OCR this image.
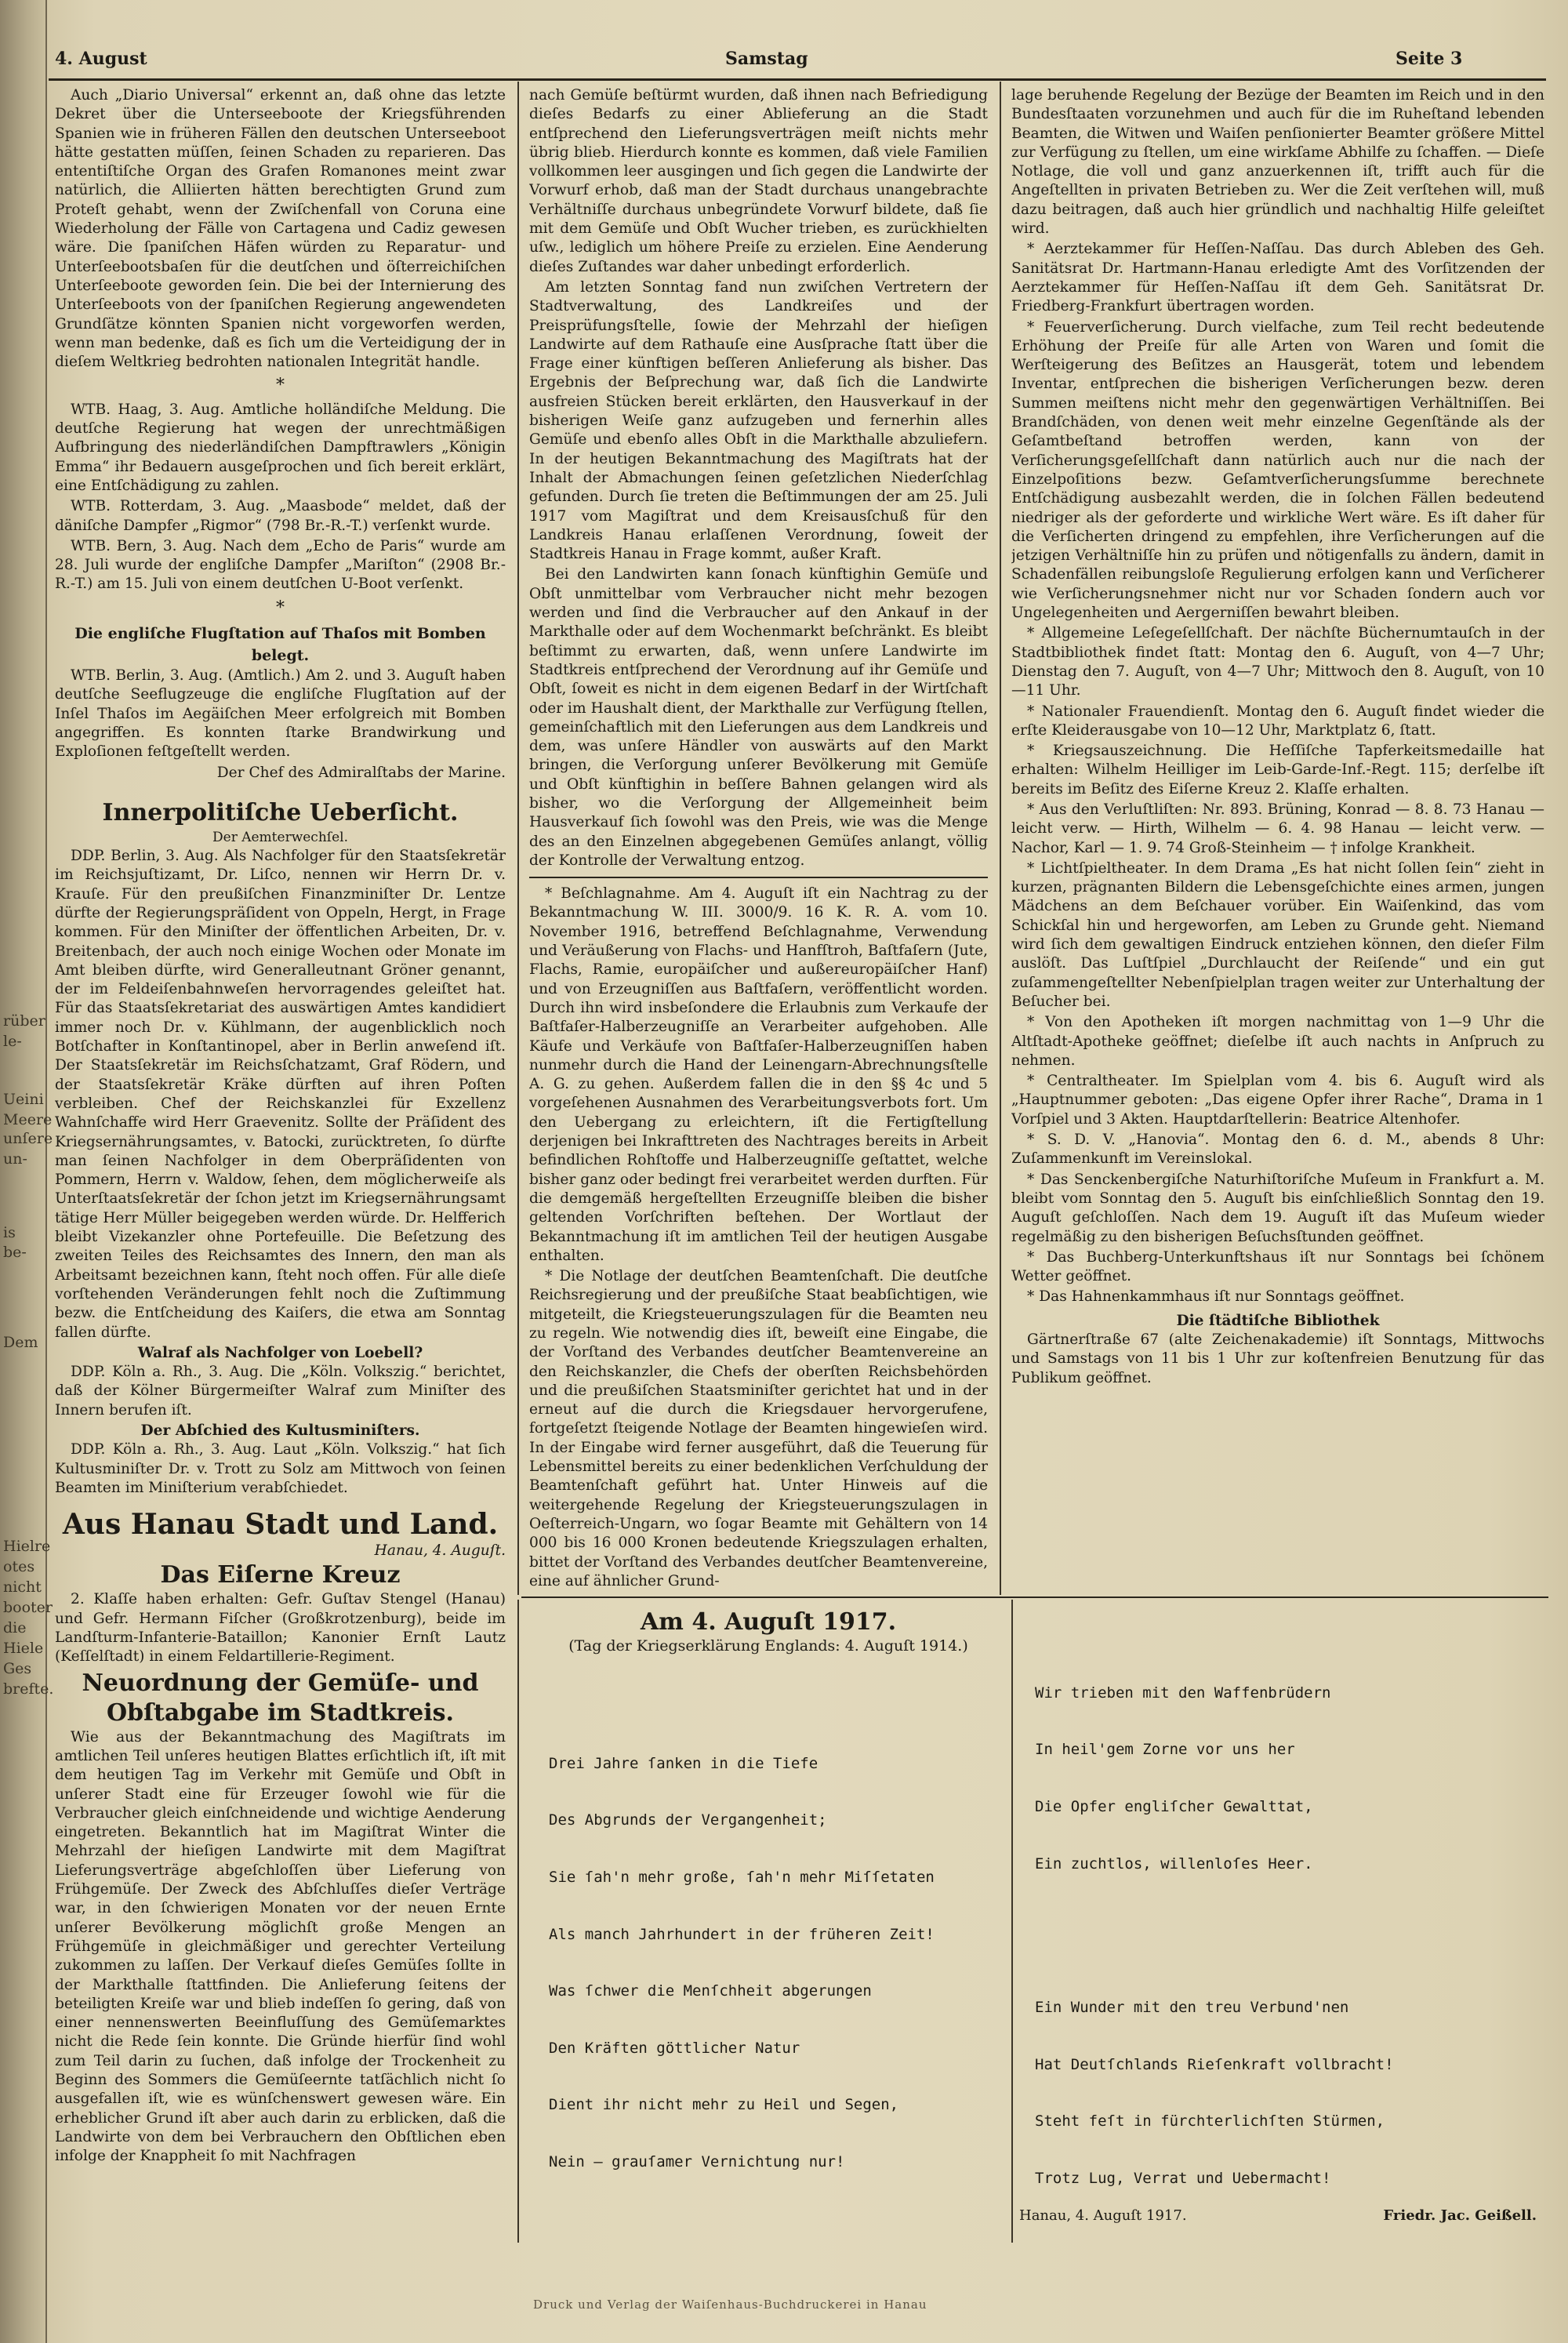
rüber
le-
Ueini
Meere
unſere
un-
is be-
Dem
Hielre
otes
nicht
booter
die
Hiele
Ges
brefte.
4. August	Samstag	Seite 3

Auch „Diario Universal“ erkennt an, daß ohne das letzte Dekret über die Unterseeboote der Kriegsführenden Spanien wie in früheren Fällen den deutschen Unterseeboot hätte gestatten müſſen, ſeinen Schaden zu reparieren. Das ententiſtiſche Organ des Grafen Romanones meint zwar natürlich, die Alliierten hätten berechtigten Grund zum Proteſt gehabt, wenn der Zwiſchenfall von Coruna eine Wiederholung der Fälle von Cartagena und Cadiz gewesen wäre. Die ſpaniſchen Häfen würden zu Reparatur- und Unterſeebootsbaſen für die deutſchen und öſterreichiſchen Unterſeeboote geworden ſein. Die bei der Internierung des Unterſeeboots von der ſpaniſchen Regierung angewendeten Grundſätze könnten Spanien nicht vorgeworfen werden, wenn man bedenke, daß es ſich um die Verteidigung der in dieſem Weltkrieg bedrohten nationalen Integrität handle.

*

WTB. Haag, 3. Aug. Amtliche holländiſche Meldung. Die deutſche Regierung hat wegen der unrechtmäßigen Aufbringung des niederländiſchen Dampftrawlers „Königin Emma“ ihr Bedauern ausgeſprochen und ſich bereit erklärt, eine Entſchädigung zu zahlen.

WTB. Rotterdam, 3. Aug. „Maasbode“ meldet, daß der däniſche Dampfer „Rigmor“ (798 Br.-R.-T.) verſenkt wurde.

WTB. Bern, 3. Aug. Nach dem „Echo de Paris“ wurde am 28. Juli wurde der engliſche Dampfer „Mariſton“ (2908 Br.-R.-T.) am 15. Juli von einem deutſchen U-Boot verſenkt.

*
Die engliſche Flugſtation auf Thaſos mit Bomben belegt.

WTB. Berlin, 3. Aug. (Amtlich.) Am 2. und 3. Auguſt haben deutſche Seeflugzeuge die engliſche Flugſtation auf der Inſel Thaſos im Aegäiſchen Meer erfolgreich mit Bomben angegriffen. Es konnten ſtarke Brandwirkung und Exploſionen feſtgeſtellt werden.

Der Chef des Admiralſtabs der Marine.
Innerpolitiſche Ueberſicht.
Der Aemterwechſel.

DDP. Berlin, 3. Aug. Als Nachfolger für den Staatsſekretär im Reichsjuſtizamt, Dr. Liſco, nennen wir Herrn Dr. v. Krauſe. Für den preußiſchen Finanzminiſter Dr. Lentze dürfte der Regierungspräſident von Oppeln, Hergt, in Frage kommen. Für den Miniſter der öffentlichen Arbeiten, Dr. v. Breitenbach, der auch noch einige Wochen oder Monate im Amt bleiben dürfte, wird Generalleutnant Gröner genannt, der im Feldeiſenbahnweſen hervorragendes geleiſtet hat. Für das Staatsſekretariat des auswärtigen Amtes kandidiert immer noch Dr. v. Kühlmann, der augenblicklich noch Botſchafter in Konſtantinopel, aber in Berlin anweſend iſt. Der Staatsſekretär im Reichsſchatzamt, Graf Rödern, und der Staatsſekretär Kräke dürften auf ihren Poſten verbleiben. Chef der Reichskanzlei für Exzellenz Wahnſchaffe wird Herr Graevenitz. Sollte der Präſident des Kriegsernährungsamtes, v. Batocki, zurücktreten, ſo dürfte man ſeinen Nachfolger in dem Oberpräſidenten von Pommern, Herrn v. Waldow, ſehen, dem möglicherweiſe als Unterſtaatsſekretär der ſchon jetzt im Kriegsernährungsamt tätige Herr Müller beigegeben werden würde. Dr. Helfferich bleibt Vizekanzler ohne Portefeuille. Die Beſetzung des zweiten Teiles des Reichsamtes des Innern, den man als Arbeitsamt bezeichnen kann, ſteht noch offen. Für alle dieſe vorſtehenden Veränderungen fehlt noch die Zuſtimmung bezw. die Entſcheidung des Kaiſers, die etwa am Sonntag fallen dürfte.

Walraf als Nachfolger von Loebell?

DDP. Köln a. Rh., 3. Aug. Die „Köln. Volkszig.“ berichtet, daß der Kölner Bürgermeiſter Walraf zum Miniſter des Innern berufen iſt.

Der Abſchied des Kultusminiſters.

DDP. Köln a. Rh., 3. Aug. Laut „Köln. Volkszig.“ hat ſich Kultusminiſter Dr. v. Trott zu Solz am Mittwoch von ſeinen Beamten im Miniſterium verabſchiedet.

Aus Hanau Stadt und Land.
Hanau, 4. Auguſt.
Das Eiſerne Kreuz

2. Klaſſe haben erhalten: Gefr. Guſtav Stengel (Hanau) und Gefr. Hermann Fiſcher (Großkrotzenburg), beide im Landſturm-Infanterie-Bataillon; Kanonier Ernſt Lautz (Keſſelſtadt) in einem Feldartillerie-Regiment.

Neuordnung der Gemüſe- und Obſtabgabe im Stadtkreis.

Wie aus der Bekanntmachung des Magiſtrats im amtlichen Teil unſeres heutigen Blattes erſichtlich iſt, iſt mit dem heutigen Tag im Verkehr mit Gemüſe und Obſt in unſerer Stadt eine für Erzeuger ſowohl wie für die Verbraucher gleich einſchneidende und wichtige Aenderung eingetreten. Bekanntlich hat im Magiſtrat Winter die Mehrzahl der hieſigen Landwirte mit dem Magiſtrat Lieferungsverträge abgeſchloſſen über Lieferung von Frühgemüſe. Der Zweck des Abſchluſſes dieſer Verträge war, in den ſchwierigen Monaten vor der neuen Ernte unſerer Bevölkerung möglichſt große Mengen an Frühgemüſe in gleichmäßiger und gerechter Verteilung zukommen zu laſſen. Der Verkauf dieſes Gemüſes ſollte in der Markthalle ſtattfinden. Die Anlieferung ſeitens der beteiligten Kreiſe war und blieb indeſſen ſo gering, daß von einer nennenswerten Beeinfluſſung des Gemüſemarktes nicht die Rede ſein konnte. Die Gründe hierfür ſind wohl zum Teil darin zu ſuchen, daß infolge der Trockenheit zu Beginn des Sommers die Gemüſeernte tatſächlich nicht ſo ausgefallen iſt, wie es wünſchenswert gewesen wäre. Ein erheblicher Grund iſt aber auch darin zu erblicken, daß die Landwirte von dem bei Verbrauchern den Obſtlichen eben infolge der Knappheit ſo mit Nachfragen

nach Gemüſe beſtürmt wurden, daß ihnen nach Befriedigung dieſes Bedarfs zu einer Ablieferung an die Stadt entſprechend den Lieferungsverträgen meiſt nichts mehr übrig blieb. Hierdurch konnte es kommen, daß viele Familien vollkommen leer ausgingen und ſich gegen die Landwirte der Vorwurf erhob, daß man der Stadt durchaus unangebrachte Verhältniſſe durchaus unbegründete Vorwurf bildete, daß ſie mit dem Gemüſe und Obſt Wucher trieben, es zurückhielten uſw., lediglich um höhere Preiſe zu erzielen. Eine Aenderung dieſes Zuſtandes war daher unbedingt erforderlich.

Am letzten Sonntag fand nun zwiſchen Vertretern der Stadtverwaltung, des Landkreiſes und der Preisprüfungsſtelle, ſowie der Mehrzahl der hieſigen Landwirte auf dem Rathauſe eine Ausſprache ſtatt über die Frage einer künftigen beſſeren Anlieferung als bisher. Das Ergebnis der Beſprechung war, daß ſich die Landwirte ausfreien Stücken bereit erklärten, den Hausverkauf in der bisherigen Weiſe ganz aufzugeben und fernerhin alles Gemüſe und ebenſo alles Obſt in die Markthalle abzuliefern. In der heutigen Bekanntmachung des Magiſtrats hat der Inhalt der Abmachungen ſeinen geſetzlichen Niederſchlag gefunden. Durch ſie treten die Beſtimmungen der am 25. Juli 1917 vom Magiſtrat und dem Kreisausſchuß für den Landkreis Hanau erlaſſenen Verordnung, ſoweit der Stadtkreis Hanau in Frage kommt, außer Kraft.

Bei den Landwirten kann ſonach künftighin Gemüſe und Obſt unmittelbar vom Verbraucher nicht mehr bezogen werden und ſind die Verbraucher auf den Ankauf in der Markthalle oder auf dem Wochenmarkt beſchränkt. Es bleibt beſtimmt zu erwarten, daß, wenn unſere Landwirte im Stadtkreis entſprechend der Verordnung auf ihr Gemüſe und Obſt, ſoweit es nicht in dem eigenen Bedarf in der Wirtſchaft oder im Haushalt dient, der Markthalle zur Verfügung ſtellen, gemeinſchaftlich mit den Lieferungen aus dem Landkreis und dem, was unſere Händler von auswärts auf den Markt bringen, die Verſorgung unſerer Bevölkerung mit Gemüſe und Obſt künftighin in beſſere Bahnen gelangen wird als bisher, wo die Verſorgung der Allgemeinheit beim Hausverkauf ſich ſowohl was den Preis, wie was die Menge des an den Einzelnen abgegebenen Gemüſes anlangt, völlig der Kontrolle der Verwaltung entzog.

* Beſchlagnahme. Am 4. Auguſt iſt ein Nachtrag zu der Bekanntmachung W. III. 3000/9. 16 K. R. A. vom 10. November 1916, betreffend Beſchlagnahme, Verwendung und Veräußerung von Flachs- und Hanfſtroh, Baſtfaſern (Jute, Flachs, Ramie, europäiſcher und außereuropäiſcher Hanf) und von Erzeugniſſen aus Baſtfaſern, veröffentlicht worden. Durch ihn wird insbeſondere die Erlaubnis zum Verkaufe der Baſtfaſer-Halberzeugniſſe an Verarbeiter aufgehoben. Alle Käufe und Verkäufe von Baſtfaſer-Halberzeugniſſen haben nunmehr durch die Hand der Leinengarn-Abrechnungsſtelle A. G. zu gehen. Außerdem fallen die in den §§ 4c und 5 vorgeſehenen Ausnahmen des Verarbeitungsverbots fort. Um den Uebergang zu erleichtern, iſt die Fertigſtellung derjenigen bei Inkrafttreten des Nachtrages bereits in Arbeit befindlichen Rohſtoffe und Halberzeugniſſe geſtattet, welche bisher ganz oder bedingt frei verarbeitet werden durften. Für die demgemäß hergeſtellten Erzeugniſſe bleiben die bisher geltenden Vorſchriften beſtehen. Der Wortlaut der Bekanntmachung iſt im amtlichen Teil der heutigen Ausgabe enthalten.

* Die Notlage der deutſchen Beamtenſchaft. Die deutſche Reichsregierung und der preußiſche Staat beabſichtigen, wie mitgeteilt, die Kriegsteuerungszulagen für die Beamten neu zu regeln. Wie notwendig dies iſt, beweiſt eine Eingabe, die der Vorſtand des Verbandes deutſcher Beamtenvereine an den Reichskanzler, die Chefs der oberſten Reichsbehörden und die preußiſchen Staatsminiſter gerichtet hat und in der erneut auf die durch die Kriegsdauer hervorgerufene, fortgeſetzt ſteigende Notlage der Beamten hingewieſen wird. In der Eingabe wird ferner ausgeführt, daß die Teuerung für Lebensmittel bereits zu einer bedenklichen Verſchuldung der Beamtenſchaft geführt hat. Unter Hinweis auf die weitergehende Regelung der Kriegsteuerungszulagen in Oeſterreich-Ungarn, wo ſogar Beamte mit Gehältern von 14 000 bis 16 000 Kronen bedeutende Kriegszulagen erhalten, bittet der Vorſtand des Verbandes deutſcher Beamtenvereine, eine auf ähnlicher Grund-

lage beruhende Regelung der Bezüge der Beamten im Reich und in den Bundesſtaaten vorzunehmen und auch für die im Ruheſtand lebenden Beamten, die Witwen und Waiſen penſionierter Beamter größere Mittel zur Verfügung zu ſtellen, um eine wirkſame Abhilfe zu ſchaffen. — Dieſe Notlage, die voll und ganz anzuerkennen iſt, trifft auch für die Angeſtellten in privaten Betrieben zu. Wer die Zeit verſtehen will, muß dazu beitragen, daß auch hier gründlich und nachhaltig Hilfe geleiſtet wird.

* Aerztekammer für Heſſen-Naſſau. Das durch Ableben des Geh. Sanitätsrat Dr. Hartmann-Hanau erledigte Amt des Vorſitzenden der Aerztekammer für Heſſen-Naſſau iſt dem Geh. Sanitätsrat Dr. Friedberg-Frankfurt übertragen worden.

* Feuerverſicherung. Durch vielfache, zum Teil recht bedeutende Erhöhung der Preiſe für alle Arten von Waren und ſomit die Werſteigerung des Beſitzes an Hausgerät, totem und lebendem Inventar, entſprechen die bisherigen Verſicherungen bezw. deren Summen meiſtens nicht mehr den gegenwärtigen Verhältniſſen. Bei Brandſchäden, von denen weit mehr einzelne Gegenſtände als der Geſamtbeſtand betroffen werden, kann von der Verſicherungsgeſellſchaft dann natürlich auch nur die nach der Einzelpoſitions bezw. Geſamtverſicherungsſumme berechnete Entſchädigung ausbezahlt werden, die in ſolchen Fällen bedeutend niedriger als der geforderte und wirkliche Wert wäre. Es iſt daher für die Verſicherten dringend zu empfehlen, ihre Verſicherungen auf die jetzigen Verhältniſſe hin zu prüfen und nötigenfalls zu ändern, damit in Schadenfällen reibungsloſe Regulierung erfolgen kann und Verſicherer wie Verſicherungsnehmer nicht nur vor Schaden ſondern auch vor Ungelegenheiten und Aergerniſſen bewahrt bleiben.

* Allgemeine Leſegeſellſchaft. Der nächſte Büchernumtauſch in der Stadtbibliothek findet ſtatt: Montag den 6. Auguſt, von 4—7 Uhr; Dienstag den 7. Auguſt, von 4—7 Uhr; Mittwoch den 8. Auguſt, von 10—11 Uhr.

* Nationaler Frauendienſt. Montag den 6. Auguſt findet wieder die erſte Kleiderausgabe von 10—12 Uhr, Marktplatz 6, ſtatt.

* Kriegsauszeichnung. Die Heſſiſche Tapferkeitsmedaille hat erhalten: Wilhelm Heilliger im Leib-Garde-Inf.-Regt. 115; derſelbe iſt bereits im Beſitz des Eiſerne Kreuz 2. Klaſſe erhalten.

* Aus den Verluſtliſten: Nr. 893. Brüning, Konrad — 8. 8. 73 Hanau — leicht verw. — Hirth, Wilhelm — 6. 4. 98 Hanau — leicht verw. — Nachor, Karl — 1. 9. 74 Groß-Steinheim — † infolge Krankheit.

* Lichtſpieltheater. In dem Drama „Es hat nicht ſollen ſein“ zieht in kurzen, prägnanten Bildern die Lebensgeſchichte eines armen, jungen Mädchens an dem Beſchauer vorüber. Ein Waiſenkind, das vom Schickſal hin und hergeworfen, am Leben zu Grunde geht. Niemand wird ſich dem gewaltigen Eindruck entziehen können, den dieſer Film auslöſt. Das Luſtſpiel „Durchlaucht der Reiſende“ und ein gut zuſammengeſtellter Nebenſpielplan tragen weiter zur Unterhaltung der Beſucher bei.

* Von den Apotheken iſt morgen nachmittag von 1—9 Uhr die Altſtadt-Apotheke geöffnet; dieſelbe iſt auch nachts in Anſpruch zu nehmen.

* Centraltheater. Im Spielplan vom 4. bis 6. Auguſt wird als „Hauptnummer geboten: „Das eigene Opfer ihrer Rache“, Drama in 1 Vorſpiel und 3 Akten. Hauptdarſtellerin: Beatrice Altenhofer.

* S. D. V. „Hanovia“. Montag den 6. d. M., abends 8 Uhr: Zuſammenkunft im Vereinslokal.

* Das Senckenbergiſche Naturhiſtoriſche Muſeum in Frankfurt a. M. bleibt vom Sonntag den 5. Auguſt bis einſchließlich Sonntag den 19. Auguſt geſchloſſen. Nach dem 19. Auguſt iſt das Muſeum wieder regelmäßig zu den bisherigen Beſuchsſtunden geöffnet.

* Das Buchberg-Unterkunftshaus iſt nur Sonntags bei ſchönem Wetter geöffnet.

* Das Hahnenkammhaus iſt nur Sonntags geöffnet.

Die ſtädtiſche Bibliothek

Gärtnerſtraße 67 (alte Zeichenakademie) iſt Sonntags, Mittwochs und Samstags von 11 bis 1 Uhr zur koſtenfreien Benutzung für das Publikum geöffnet.

Am 4. Auguſt 1917.
(Tag der Kriegserklärung Englands: 4. Auguſt 1914.)

Drei Jahre ſanken in die Tiefe

Des Abgrunds der Vergangenheit;

Sie ſah'n mehr große, ſah'n mehr Miſſetaten

Als manch Jahrhundert in der früheren Zeit!

Was ſchwer die Menſchheit abgerungen

Den Kräften göttlicher Natur

Dient ihr nicht mehr zu Heil und Segen,

Nein — grauſamer Vernichtung nur!

Wir trieben mit den Waffenbrüdern

In heil'gem Zorne vor uns her

Die Opfer engliſcher Gewalttat,

Ein zuchtlos, willenloſes Heer.

Ein Wunder mit den treu Verbund'nen

Hat Deutſchlands Rieſenkraft vollbracht!

Steht feſt in fürchterlichſten Stürmen,

Trotz Lug, Verrat und Uebermacht!

Hanau, 4. Auguſt 1917.	Friedr. Jac. Geißell.
Druck und Verlag der Waiſenhaus-Buchdruckerei in Hanau
